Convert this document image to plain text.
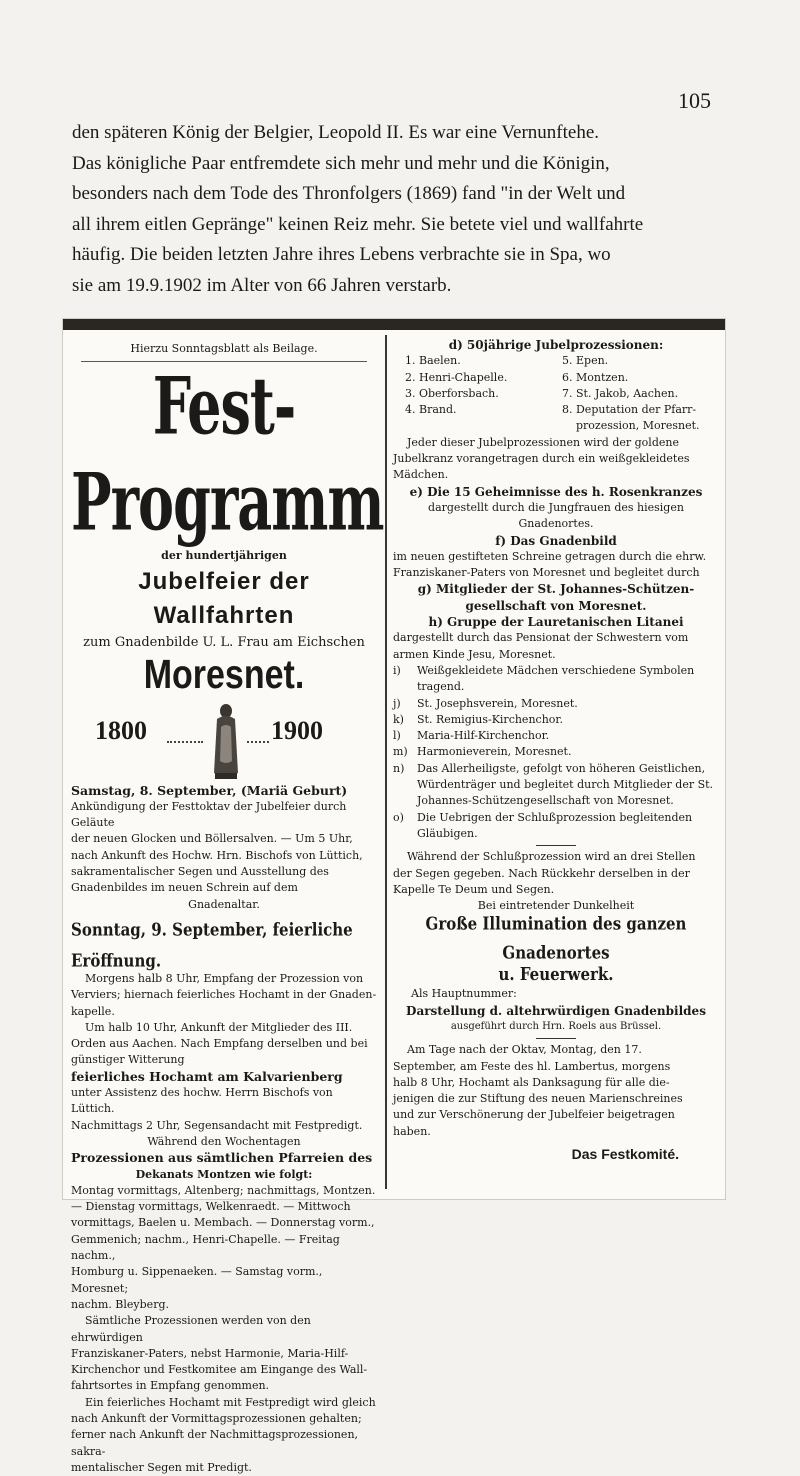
105
den späteren König der Belgier, Leopold II. Es war eine Vernunftehe.
Das königliche Paar entfremdete sich mehr und mehr und die Königin,
besonders nach dem Tode des Thronfolgers (1869) fand "in der Welt und
all ihrem eitlen Gepränge" keinen Reiz mehr. Sie betete viel und wallfahrte
häufig. Die beiden letzten Jahre ihres Lebens verbrachte sie in Spa, wo
sie am 19.9.1902 im Alter von 66 Jahren verstarb.
Hierzu Sonntagsblatt als Beilage.
Fest-Programm
der hundertjährigen
Jubelfeier der Wallfahrten
zum Gnadenbilde U. L. Frau am Eichschen
Moresnet.
1800	1900
Samstag, 8. September, (Mariä Geburt)
Ankündigung der Festtoktav der Jubelfeier durch Geläute
der neuen Glocken und Böllersalven. — Um 5 Uhr,
nach Ankunft des Hochw. Hrn. Bischofs von Lüttich,
sakramentalischer Segen und Ausstellung des
Gnadenbildes im neuen Schrein auf dem
Gnadenaltar.
Sonntag, 9. September, feierliche Eröffnung.
Morgens halb 8 Uhr, Empfang der Prozession von
Verviers; hiernach feierliches Hochamt in der Gnaden-
kapelle.
Um halb 10 Uhr, Ankunft der Mitglieder des III.
Orden aus Aachen. Nach Empfang derselben und bei
günstiger Witterung
feierliches Hochamt am Kalvarienberg
unter Assistenz des hochw. Herrn Bischofs von Lüttich.
Nachmittags 2 Uhr, Segensandacht mit Festpredigt.
Während den Wochentagen
Prozessionen aus sämtlichen Pfarreien des
Dekanats Montzen wie folgt:
Montag vormittags, Altenberg; nachmittags, Montzen.
— Dienstag vormittags, Welkenraedt. — Mittwoch
vormittags, Baelen u. Membach. — Donnerstag vorm.,
Gemmenich; nachm., Henri-Chapelle. — Freitag nachm.,
Homburg u. Sippenaeken. — Samstag vorm., Moresnet;
nachm. Bleyberg.
Sämtliche Prozessionen werden von den ehrwürdigen
Franziskaner-Paters, nebst Harmonie, Maria-Hilf-
Kirchenchor und Festkomitee am Eingange des Wall-
fahrtsortes in Empfang genommen.
Ein feierliches Hochamt mit Festpredigt wird gleich
nach Ankunft der Vormittagsprozessionen gehalten;
ferner nach Ankunft der Nachmittagsprozessionen, sakra-
mentalischer Segen mit Predigt.
d) 50jährige Jubelprozessionen:
1. Baelen.	5. Epen.
2. Henri-Chapelle.	6. Montzen.
3. Oberforsbach.	7. St. Jakob, Aachen.
4. Brand.	8. Deputation der Pfarr-
prozession, Moresnet.
Jeder dieser Jubelprozessionen wird der goldene
Jubelkranz vorangetragen durch ein weißgekleidetes
Mädchen.
e) Die 15 Geheimnisse des h. Rosenkranzes
dargestellt durch die Jungfrauen des hiesigen
Gnadenortes.
f) Das Gnadenbild
im neuen gestifteten Schreine getragen durch die ehrw.
Franziskaner-Paters von Moresnet und begleitet durch
g) Mitglieder der St. Johannes-Schützen-
gesellschaft von Moresnet.
h) Gruppe der Lauretanischen Litanei
dargestellt durch das Pensionat der Schwestern vom
armen Kinde Jesu, Moresnet.
i)	Weißgekleidete Mädchen verschiedene Symbolen tragend.
j)	St. Josephsverein, Moresnet.
k)	St. Remigius-Kirchenchor.
l)	Maria-Hilf-Kirchenchor.
m) Harmonieverein, Moresnet.
n)	Das Allerheiligste, gefolgt von höheren Geistlichen, Würdenträger und begleitet durch Mitglieder der St. Johannes-Schützengesellschaft von Moresnet.
o)	Die Uebrigen der Schlußprozession begleitenden Gläubigen.
Während der Schlußprozession wird an drei Stellen
der Segen gegeben. Nach Rückkehr derselben in der
Kapelle Te Deum und Segen.
Bei eintretender Dunkelheit
Große Illumination des ganzen Gnadenortes
u. Feuerwerk.
Als Hauptnummer:
Darstellung d. altehrwürdigen Gnadenbildes
ausgeführt durch Hrn. Roels aus Brüssel.
Am Tage nach der Oktav, Montag, den 17.
September, am Feste des hl. Lambertus, morgens
halb 8 Uhr, Hochamt als Danksagung für alle die-
jenigen die zur Stiftung des neuen Marienschreines
und zur Verschönerung der Jubelfeier beigetragen
haben.
Das Festkomité.
